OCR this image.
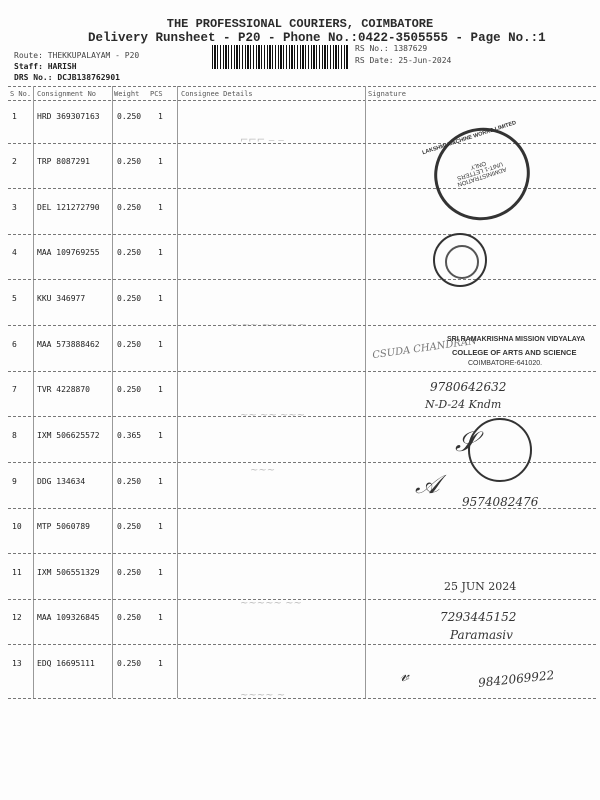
THE PROFESSIONAL COURIERS, COIMBATORE
Delivery Runsheet - P20 - Phone No.:0422-3505555 - Page No.:1
Route: THEKKUPALAYAM - P20
Staff: HARISH
DRS No.: DCJB138762901
RS No.: 1387629
RS Date: 25-Jun-2024
S No. Consignment No	Weight PCS	Consignee Details	Signature
1	HRD 369307163 0.250 1
2	TRP 8087291	0.250 1
3	DEL 121272790 0.250 1
4	MAA 109769255 0.250 1
5	KKU 346977	0.250 1
6	MAA 573888462 0.250 1
7	TVR 4228870	0.250 1
8	IXM 506625572 0.365 1
9	DDG 134634	0.250 1
10 MTP 5060789	0.250 1
11 IXM 506551329 0.250 1
12 MAA 109326845 0.250 1
13 EDQ 16695111	0.250 1
⌐⌐⌐ ‒ ‒
~ ~~ ~~~~ ~
~~ ~~ ~~~
~~~
~~~~~ ~~
~~~~ ~
LAKSHMI MACHINE WORKS LIMITED
ADMINISTRATION UNIT-1 LETTERS ONLY
CSUDA CHANDRAN
SRI RAMAKRISHNA MISSION VIDYALAYA
COLLEGE OF ARTS AND SCIENCE
COIMBATORE-641020.
9780642632
N-D-24 Kndm
𝒮
𝒜
9574082476
25 JUN 2024
7293445152
Paramasiv
𝓋	9842069922
